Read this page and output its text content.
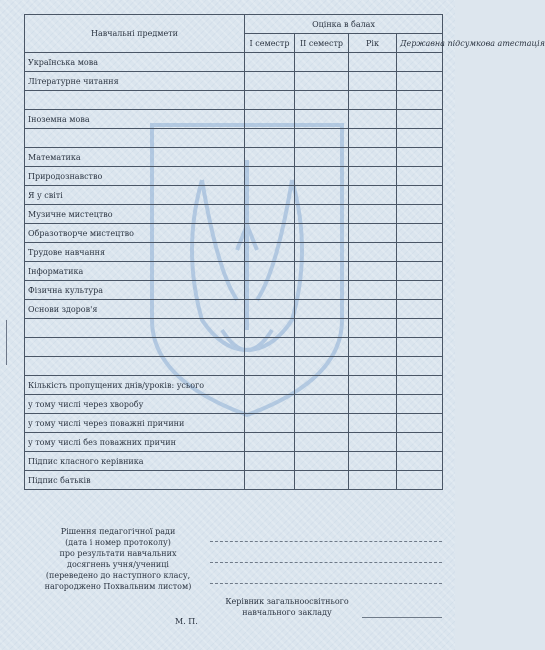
Навчальні предмети	Оцінка в балах			
	І семестр	ІІ семестр	Рік	Державна підсумкова атестація
Українська мова				
Літературне читання				

Іноземна мова				

Математика				
Природознавство				
Я у світі				
Музичне мистецтво				
Образотворче мистецтво				
Трудове навчання				
Інформатика				
Фізична культура				
Основи здоров'я				

Кількість пропущених днів/уроків: усього				
у тому числі через хворобу				
у тому числі через поважні причини				
у тому числі без поважних причин				
Підпис класного керівника				
Підпис батьків				
Рішення педагогічної ради
(дата і номер протоколу)
про результати навчальних
досягнень учня/учениці
(переведено до наступного класу,
нагороджено Похвальним листом)
Керівник загальноосвітнього
навчального закладу
М. П.
